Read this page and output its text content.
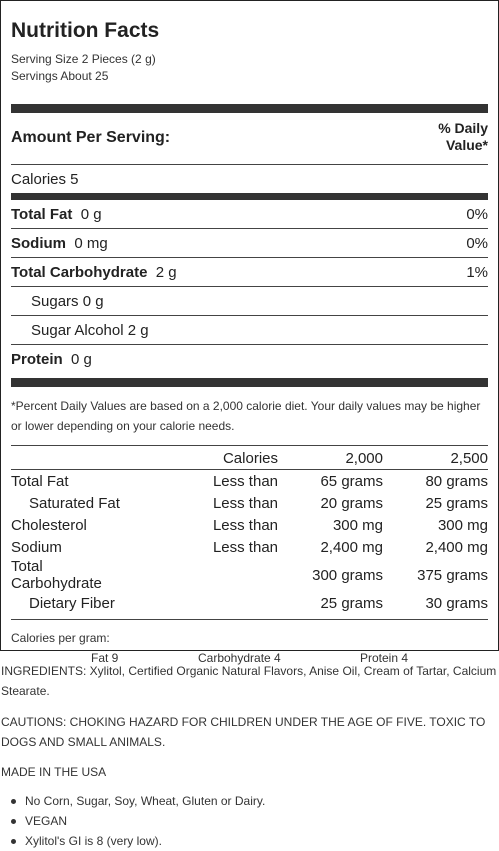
Nutrition Facts
Serving Size 2 Pieces (2 g)
Servings About 25
Amount Per Serving:
% Daily
Value*
Calories 5
Total Fat 0 g	0%
Sodium 0 mg	0%
Total Carbohydrate 2 g	1%
Sugars 0 g
Sugar Alcohol 2 g
Protein 0 g
*Percent Daily Values are based on a 2,000 calorie diet. Your daily values may be higher or lower depending on your calorie needs.
	Calories	2,000	2,500
Total Fat	Less than	65 grams	80 grams
Saturated Fat	Less than	20 grams	25 grams
Cholesterol	Less than	300 mg	300 mg
Sodium	Less than	2,400 mg	2,400 mg
Total Carbohydrate		300 grams	375 grams
Dietary Fiber		25 grams	30 grams
Calories per gram:
Fat 9	Carbohydrate 4	Protein 4

INGREDIENTS: Xylitol, Certified Organic Natural Flavors, Anise Oil, Cream of Tartar, Calcium Stearate.

CAUTIONS: CHOKING HAZARD FOR CHILDREN UNDER THE AGE OF FIVE. TOXIC TO DOGS AND SMALL ANIMALS.

MADE IN THE USA

No Corn, Sugar, Soy, Wheat, Gluten or Dairy.
VEGAN
Xylitol's GI is 8 (very low).
